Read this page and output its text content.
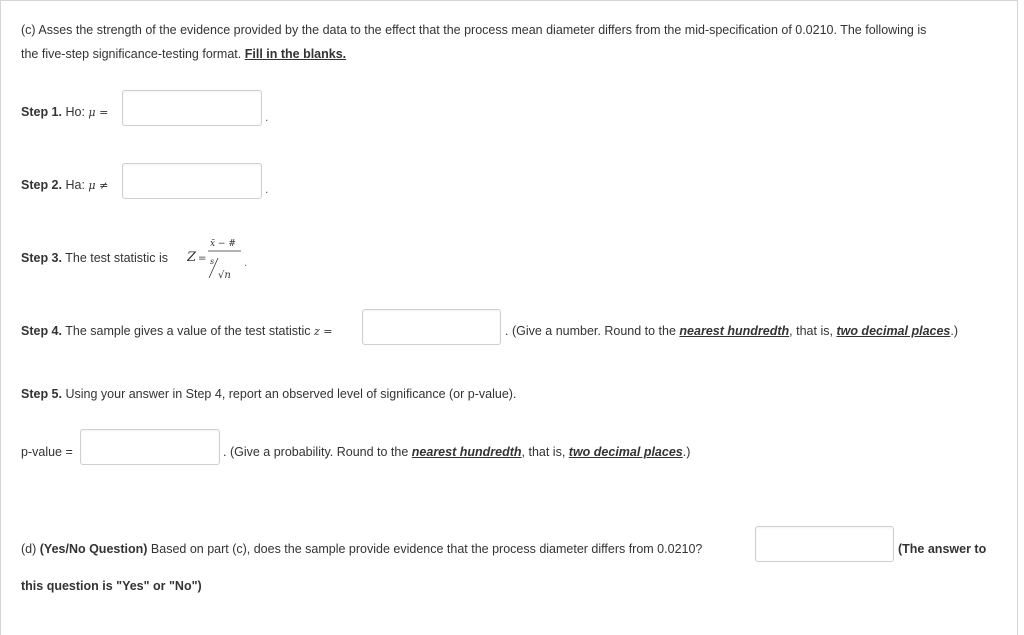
(c) Asses the strength of the evidence provided by the data to the effect that the process mean diameter differs from the mid-specification of 0.0210. The following is
the five-step significance-testing format. Fill in the blanks.
Step 1. Ho: μ =	.
Step 2. Ha: μ ≠	.
Step 3. The test statistic is Z =
x̄ − #
s
√n
.
Step 4. The sample gives a value of the test statistic z =	. (Give a number. Round to the nearest hundredth, that is, two decimal places.)
Step 5. Using your answer in Step 4, report an observed level of significance (or p-value).
p-value =	. (Give a probability. Round to the nearest hundredth, that is, two decimal places.)
(d) (Yes/No Question) Based on part (c), does the sample provide evidence that the process diameter differs from 0.0210?	(The answer to
this question is "Yes" or "No")
